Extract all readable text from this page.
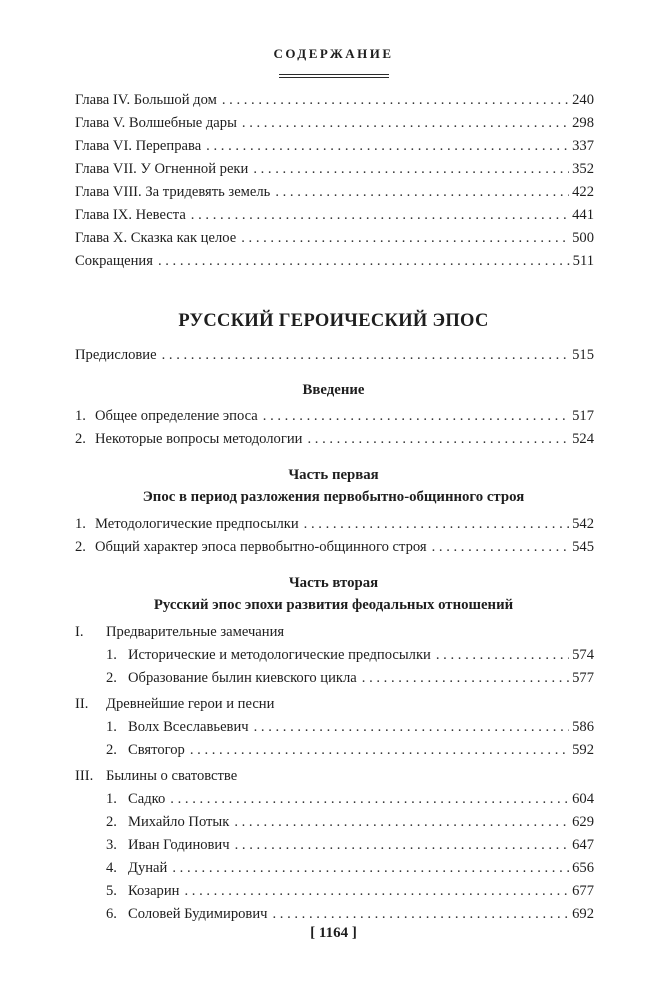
СОДЕРЖАНИЕ
Глава IV. Большой дом . . .	240
Глава V. Волшебные дары . . .	298
Глава VI. Переправа . . .	337
Глава VII. У Огненной реки . . .	352
Глава VIII. За тридевять земель . . .	422
Глава IX. Невеста . . .	441
Глава X. Сказка как целое . . .	500
Сокращения . . .	511
РУССКИЙ ГЕРОИЧЕСКИЙ ЭПОС
Предисловие . . .	515
Введение
1. Общее определение эпоса . . .	517
2. Некоторые вопросы методологии . . .	524
Часть первая
Эпос в период разложения первобытно-общинного строя
1. Методологические предпосылки . . .	542
2. Общий характер эпоса первобытно-общинного строя . . .	545
Часть вторая
Русский эпос эпохи развития феодальных отношений
I. Предварительные замечания
1. Исторические и методологические предпосылки . . .	574
2. Образование былин киевского цикла . . .	577
II. Древнейшие герои и песни
1. Волх Всеславьевич . . .	586
2. Святогор . . .	592
III. Былины о сватовстве
1. Садко . . .	604
2. Михайло Потык . . .	629
3. Иван Годинович . . .	647
4. Дунай . . .	656
5. Козарин . . .	677
6. Соловей Будимирович . . .	692
[ 1164 ]
